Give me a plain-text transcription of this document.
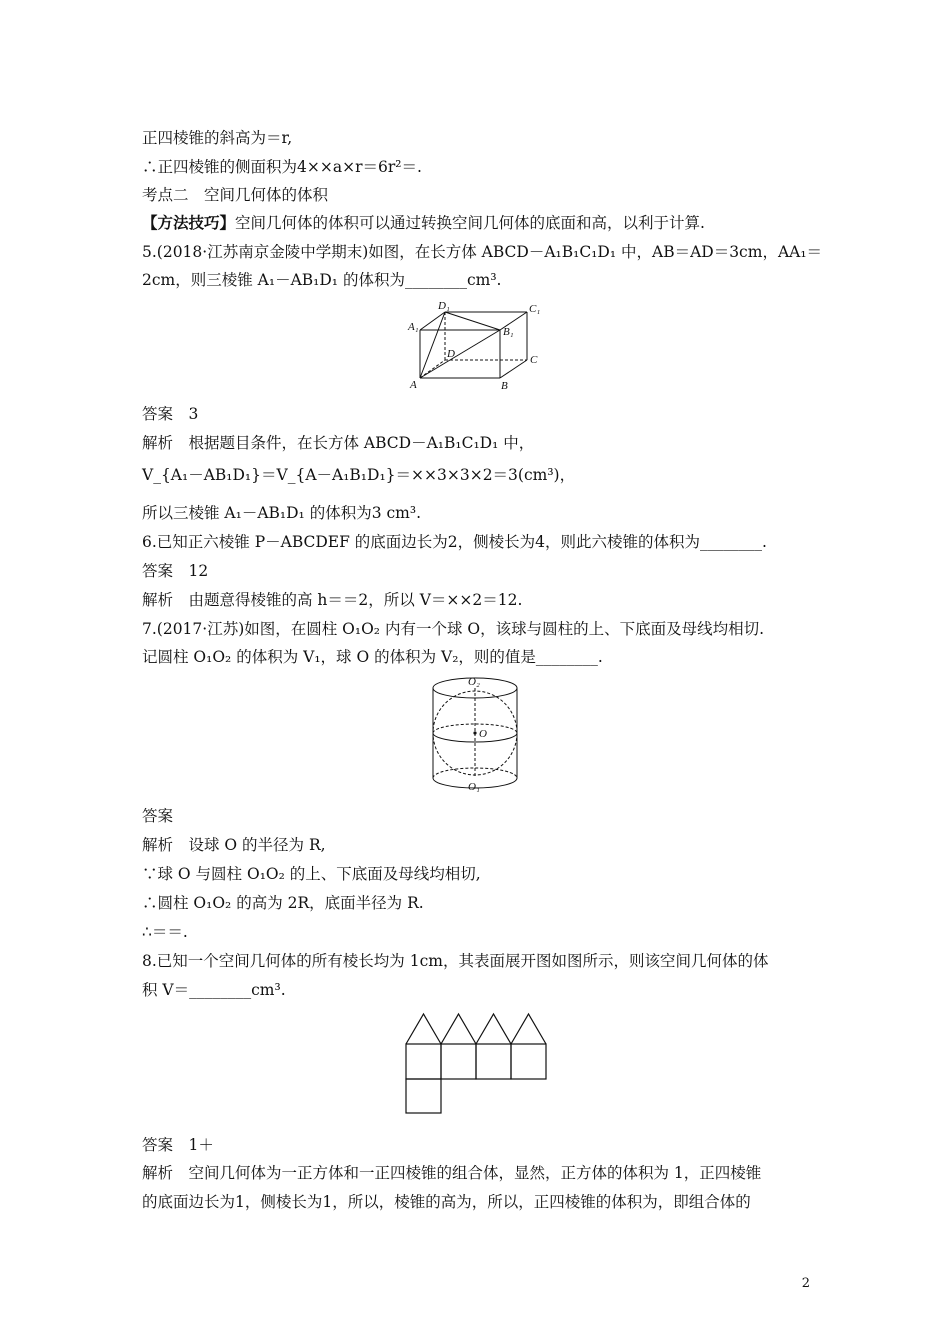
正四棱锥的斜高为＝r,
∴正四棱锥的侧面积为4××a×r＝6r²＝.
考点二　空间几何体的体积
【方法技巧】空间几何体的体积可以通过转换空间几何体的底面和高，以利于计算.
5.(2018·江苏南京金陵中学期末)如图，在长方体 ABCD－A₁B₁C₁D₁ 中，AB＝AD＝3cm，AA₁＝
2cm，则三棱锥 A₁－AB₁D₁ 的体积为________cm³.
A	B
C
D
A₁	B₁
C₁
D₁
答案　3
解析　根据题目条件，在长方体 ABCD－A₁B₁C₁D₁ 中，
V_{A₁－AB₁D₁}＝V_{A－A₁B₁D₁}＝××3×3×2＝3(cm³)，
所以三棱锥 A₁－AB₁D₁ 的体积为3 cm³.
6.已知正六棱锥 P－ABCDEF 的底面边长为2，侧棱长为4，则此六棱锥的体积为________.
答案　12
解析　由题意得棱锥的高 h＝＝2，所以 V＝××2＝12.
7.(2017·江苏)如图，在圆柱 O₁O₂ 内有一个球 O，该球与圆柱的上、下底面及母线均相切.
记圆柱 O₁O₂ 的体积为 V₁，球 O 的体积为 V₂，则的值是________.
O
O₂
O₁
答案
解析　设球 O 的半径为 R,
∵球 O 与圆柱 O₁O₂ 的上、下底面及母线均相切,
∴圆柱 O₁O₂ 的高为 2R，底面半径为 R.
∴＝＝.
8.已知一个空间几何体的所有棱长均为 1cm，其表面展开图如图所示，则该空间几何体的体
积 V＝________cm³.
答案　1＋
解析　空间几何体为一正方体和一正四棱锥的组合体，显然，正方体的体积为 1，正四棱锥
的底面边长为1，侧棱长为1，所以，棱锥的高为，所以，正四棱锥的体积为，即组合体的
2
